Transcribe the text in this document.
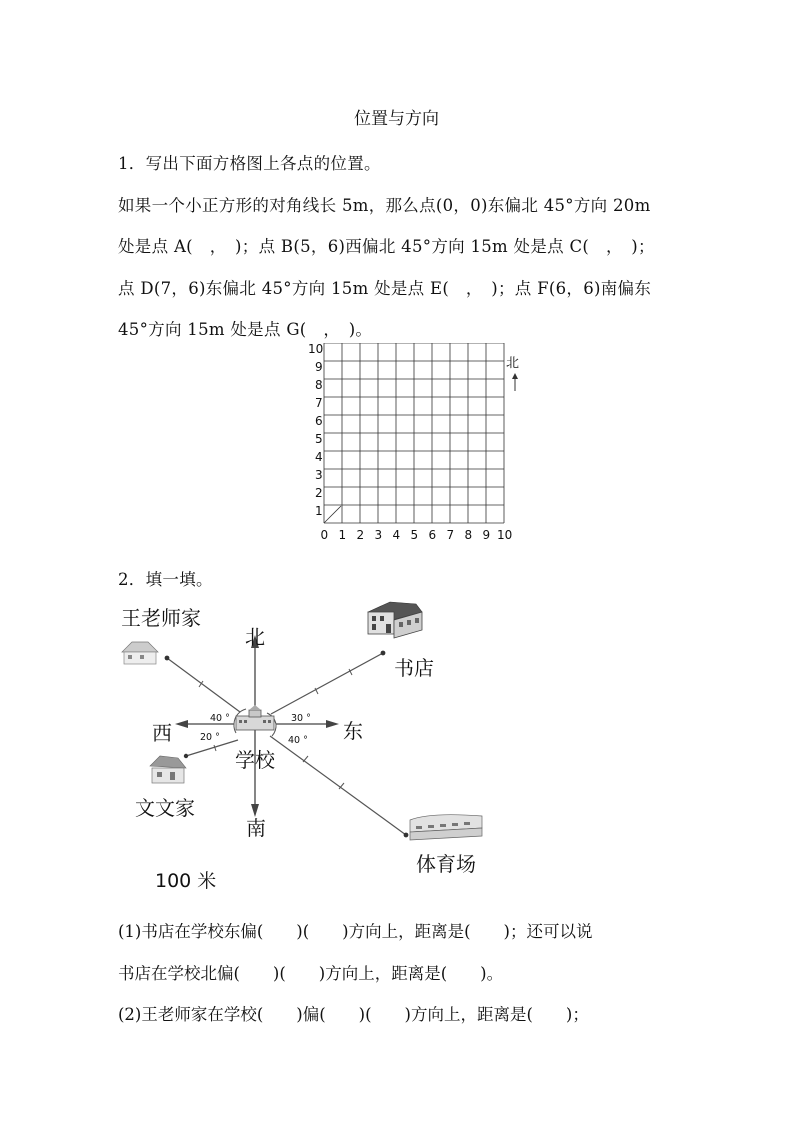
位置与方向
1．写出下面方格图上各点的位置。
如果一个小正方形的对角线长 5m，那么点(0，0)东偏北 45°方向 20m
处是点 A(　，　)；点 B(5，6)西偏北 45°方向 15m 处是点 C(　，　)；
点 D(7，6)东偏北 45°方向 15m 处是点 E(　，　)；点 F(6，6)南偏东
45°方向 15m 处是点 G(　，　)。
0 1 2 3 4 5 6 7 8 9 10
1
2
3
4
5
6
7
8
9
10
北
2．填一填。
40 °
20 °
30 °
40 °
王老师家
书店
北
西	东
学校
文文家
南
体育场
100 米
(1)书店在学校东偏(　　)(　　)方向上，距离是(　　)；还可以说
书店在学校北偏(　　)(　　)方向上，距离是(　　)。
(2)王老师家在学校(　　)偏(　　)(　　)方向上，距离是(　　)；
